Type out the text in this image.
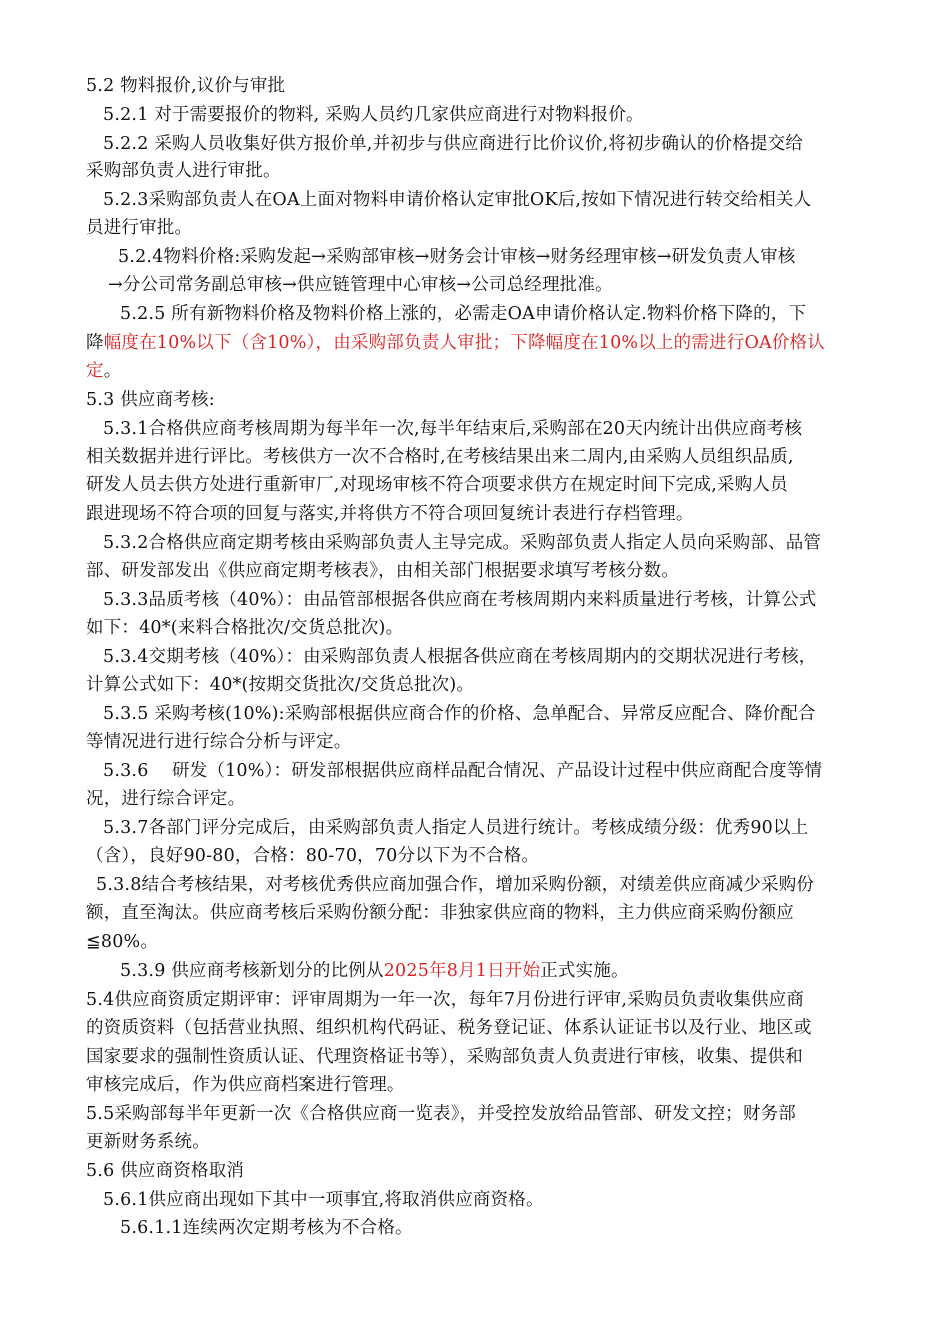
5.2 物料报价,议价与审批
5.2.1 对于需要报价的物料, 采购人员约几家供应商进行对物料报价。
5.2.2 采购人员收集好供方报价单,并初步与供应商进行比价议价,将初步确认的价格提交给
采购部负责人进行审批。
5.2.3采购部负责人在OA上面对物料申请价格认定审批OK后,按如下情况进行转交给相关人
员进行审批。
5.2.4物料价格:采购发起→采购部审核→财务会计审核→财务经理审核→研发负责人审核
→分公司常务副总审核→供应链管理中心审核→公司总经理批准。
5.2.5 所有新物料价格及物料价格上涨的，必需走OA申请价格认定.物料价格下降的，下
降幅度在10%以下（含10%），由采购部负责人审批；下降幅度在10%以上的需进行OA价格认
定。
5.3 供应商考核:
5.3.1合格供应商考核周期为每半年一次,每半年结束后,采购部在20天内统计出供应商考核
相关数据并进行评比。考核供方一次不合格时,在考核结果出来二周内,由采购人员组织品质,
研发人员去供方处进行重新审厂,对现场审核不符合项要求供方在规定时间下完成,采购人员
跟进现场不符合项的回复与落实,并将供方不符合项回复统计表进行存档管理。
5.3.2合格供应商定期考核由采购部负责人主导完成。采购部负责人指定人员向采购部、品管
部、研发部发出《供应商定期考核表》，由相关部门根据要求填写考核分数。
5.3.3品质考核（40%）：由品管部根据各供应商在考核周期内来料质量进行考核，计算公式
如下：40*(来料合格批次/交货总批次)。
5.3.4交期考核（40%）：由采购部负责人根据各供应商在考核周期内的交期状况进行考核，
计算公式如下：40*(按期交货批次/交货总批次)。
5.3.5 采购考核(10%):采购部根据供应商合作的价格、急单配合、异常反应配合、降价配合
等情况进行进行综合分析与评定。
5.3.6　 研发（10%）：研发部根据供应商样品配合情况、产品设计过程中供应商配合度等情
况，进行综合评定。
5.3.7各部门评分完成后，由采购部负责人指定人员进行统计。考核成绩分级：优秀90以上
（含），良好90-80，合格：80-70，70分以下为不合格。
5.3.8结合考核结果，对考核优秀供应商加强合作，增加采购份额，对绩差供应商减少采购份
额，直至淘汰。供应商考核后采购份额分配：非独家供应商的物料，主力供应商采购份额应
≦80%。
5.3.9 供应商考核新划分的比例从2025年8月1日开始正式实施。
5.4供应商资质定期评审：评审周期为一年一次，每年7月份进行评审,采购员负责收集供应商
的资质资料（包括营业执照、组织机构代码证、税务登记证、体系认证证书以及行业、地区或
国家要求的强制性资质认证、代理资格证书等），采购部负责人负责进行审核，收集、提供和
审核完成后，作为供应商档案进行管理。
5.5采购部每半年更新一次《合格供应商一览表》，并受控发放给品管部、研发文控；财务部
更新财务系统。
5.6 供应商资格取消
5.6.1供应商出现如下其中一项事宜,将取消供应商资格。
5.6.1.1连续两次定期考核为不合格。
